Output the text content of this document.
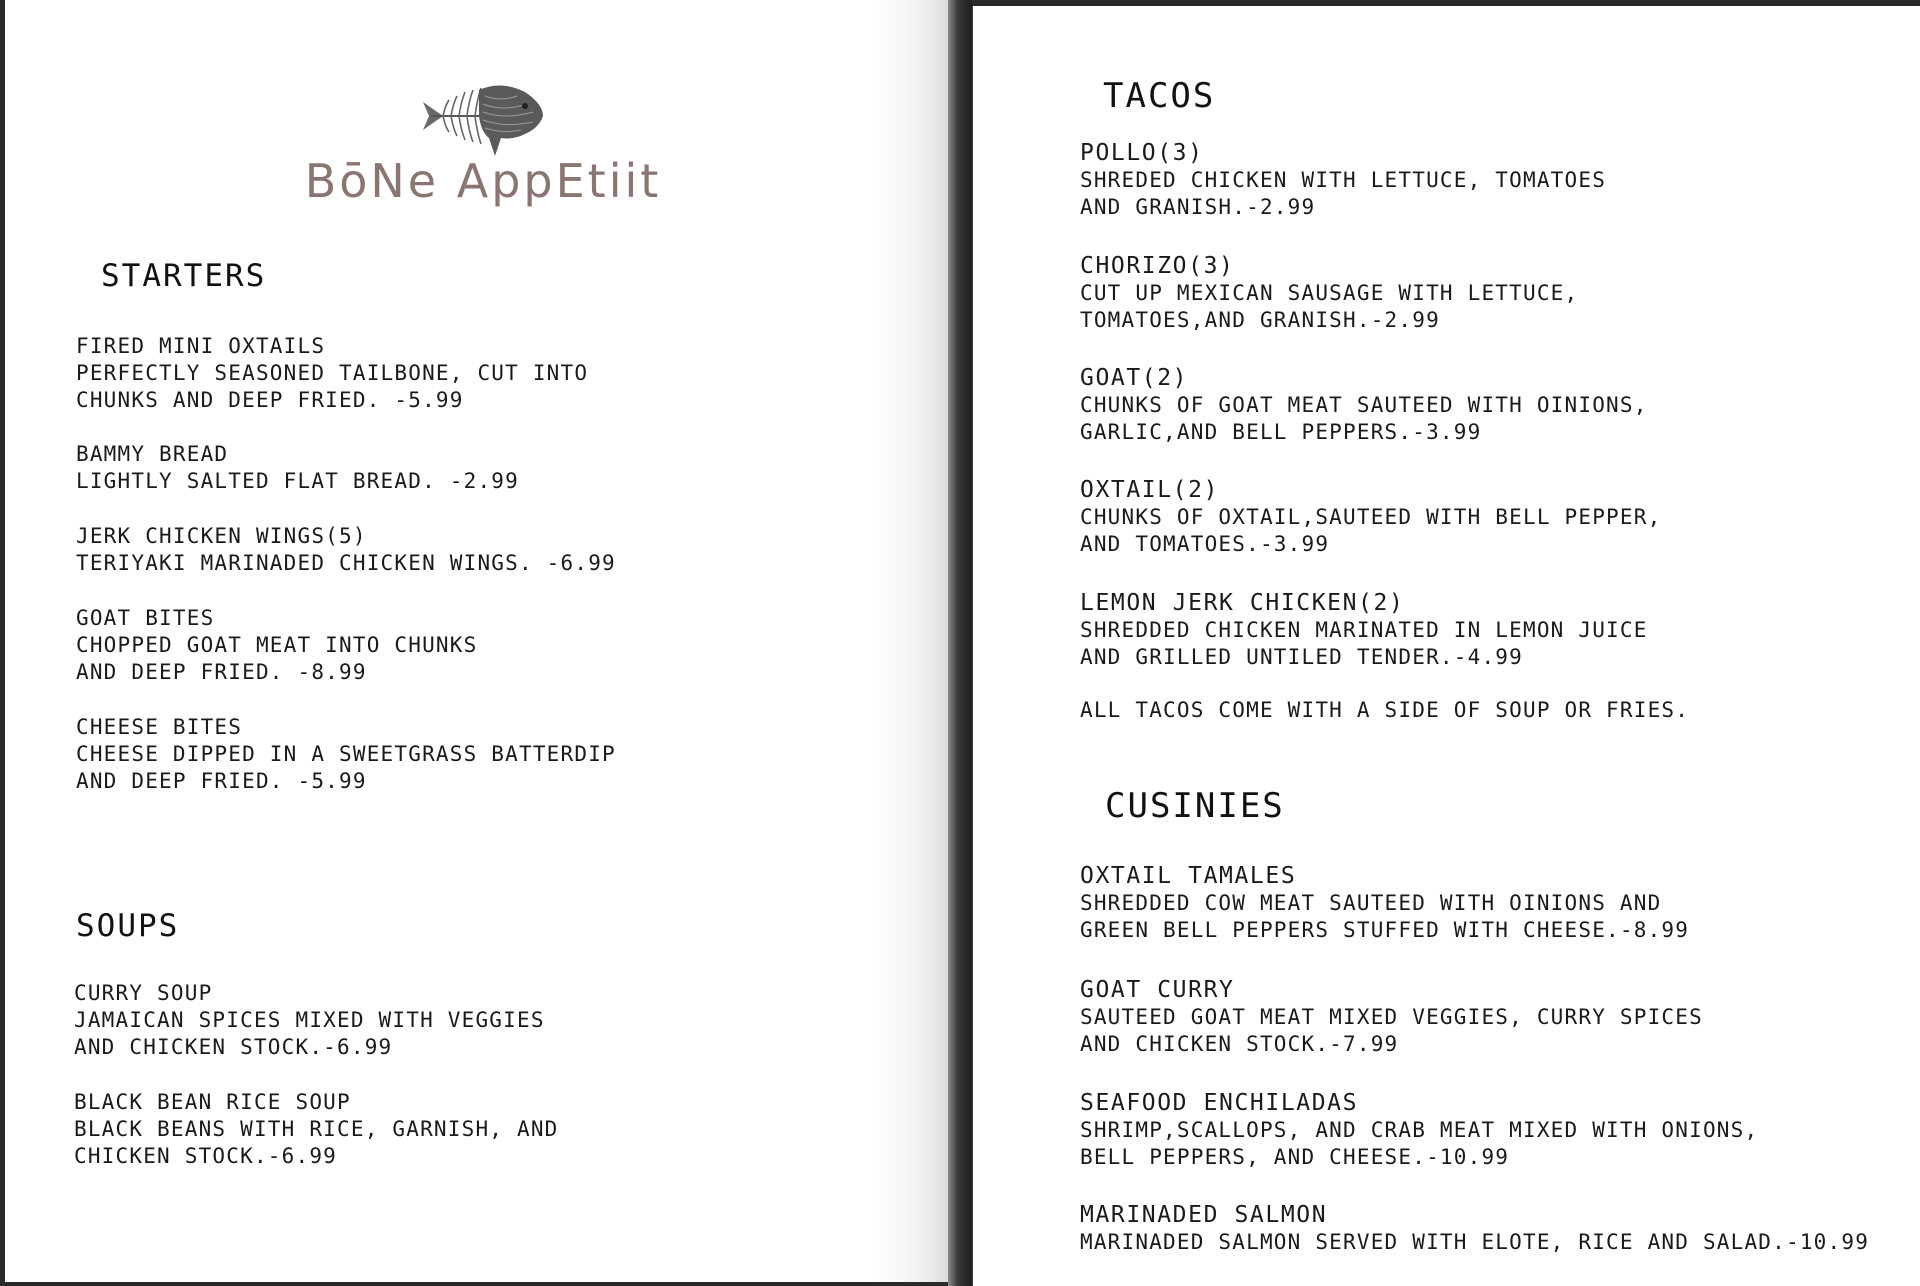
BōNe AppEtiit
STARTERS
FIRED MINI OXTAILS
PERFECTLY SEASONED TAILBONE, CUT INTO
CHUNKS AND DEEP FRIED. -5.99
BAMMY BREAD
LIGHTLY SALTED FLAT BREAD. -2.99
JERK CHICKEN WINGS(5)
TERIYAKI MARINADED CHICKEN WINGS. -6.99
GOAT BITES
CHOPPED GOAT MEAT INTO CHUNKS
AND DEEP FRIED. -8.99
CHEESE BITES
CHEESE DIPPED IN A SWEETGRASS BATTERDIP
AND DEEP FRIED. -5.99
SOUPS
CURRY SOUP
JAMAICAN SPICES MIXED WITH VEGGIES
AND CHICKEN STOCK.-6.99
BLACK BEAN RICE SOUP
BLACK BEANS WITH RICE, GARNISH, AND
CHICKEN STOCK.-6.99
TACOS
POLLO(3)
SHREDED CHICKEN WITH LETTUCE, TOMATOES
AND GRANISH.-2.99
CHORIZO(3)
CUT UP MEXICAN SAUSAGE WITH LETTUCE,
TOMATOES,AND GRANISH.-2.99
GOAT(2)
CHUNKS OF GOAT MEAT SAUTEED WITH OINIONS,
GARLIC,AND BELL PEPPERS.-3.99
OXTAIL(2)
CHUNKS OF OXTAIL,SAUTEED WITH BELL PEPPER,
AND TOMATOES.-3.99
LEMON JERK CHICKEN(2)
SHREDDED CHICKEN MARINATED IN LEMON JUICE
AND GRILLED UNTILED TENDER.-4.99
ALL TACOS COME WITH A SIDE OF SOUP OR FRIES.
CUSINIES
OXTAIL TAMALES
SHREDDED COW MEAT SAUTEED WITH OINIONS AND
GREEN BELL PEPPERS STUFFED WITH CHEESE.-8.99
GOAT CURRY
SAUTEED GOAT MEAT MIXED VEGGIES, CURRY SPICES
AND CHICKEN STOCK.-7.99
SEAFOOD ENCHILADAS
SHRIMP,SCALLOPS, AND CRAB MEAT MIXED WITH ONIONS,
BELL PEPPERS, AND CHEESE.-10.99
MARINADED SALMON
MARINADED SALMON SERVED WITH ELOTE, RICE AND SALAD.-10.99
